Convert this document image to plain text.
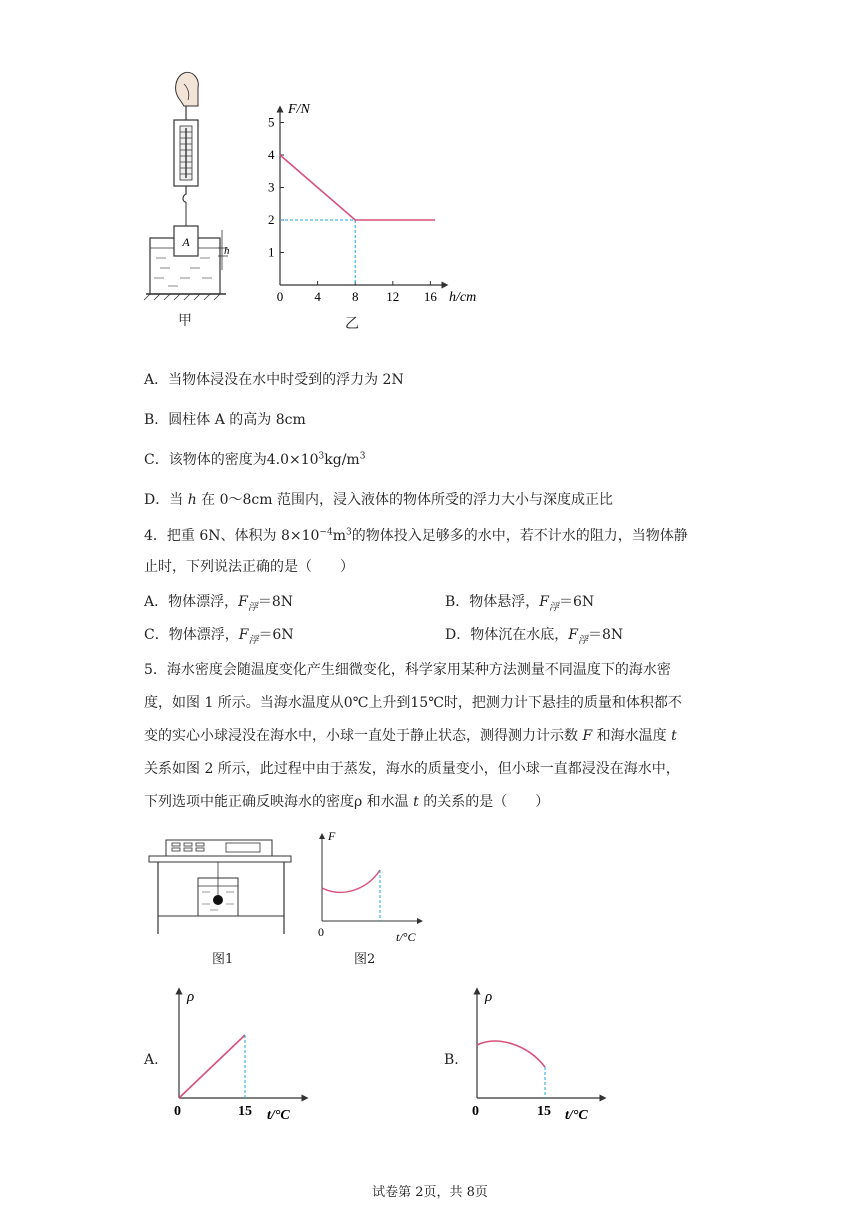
A
h
甲
1
2
3
4
5
0 4 8 12 16
F/N
h/cm
乙
A．当物体浸没在水中时受到的浮力为 2N
B．圆柱体 A 的高为 8cm
C．该物体的密度为$4.0\times 10^3kg/m^3$
D．当 h 在 0～8cm 范围内，浸入液体的物体所受的浮力大小与深度成正比
4．把重 6N、体积为 $8\times 10^{-4}m^3$的物体投入足够多的水中，若不计水的阻力，当物体静
止时，下列说法正确的是（　　）
A．物体漂浮，$F_浮=8N$	B．物体悬浮，$F_浮=6N$
C．物体漂浮，$F_浮=6N$	D．物体沉在水底，$F_浮=8N$
5．海水密度会随温度变化产生细微变化，科学家用某种方法测量不同温度下的海水密
度，如图 1 所示。当海水温度从0℃上升到15℃时，把测力计下悬挂的质量和体积都不
变的实心小球浸没在海水中，小球一直处于静止状态，测得测力计示数 F 和海水温度 t
关系如图 2 所示，此过程中由于蒸发，海水的质量变小，但小球一直都浸没在海水中，
下列选项中能正确反映海水的密度ρ 和水温 t 的关系的是（　　）
图1
F
0	t/°C
图2
A.
ρ
0	15 t/°C
B.
ρ
0	15 t/°C
试卷第 2页，共 8页
